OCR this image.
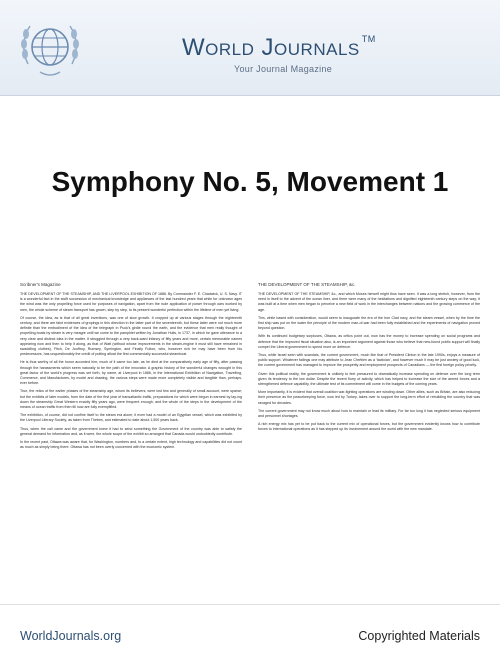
World Journals ™
Your Journal Magazine
Symphony No. 5, Movement 1
Scribner's Magazine

THE DEVELOPMENT OF THE STEAMSHIP, AND THE LIVERPOOL EXHIBITION OF 1886. By Commander F. E. Chadwick, U. S. Navy. IT is a wonderful fact in the swift succession of mechanical knowledge and appliances of the last hundred years that while for unknown ages the wind was the only propelling force used for purposes of navigation, apart from the rude application of power through oars worked by men, the whole scheme of steam transport has grown, step by step, to its present wonderful perfection within the lifetime of men yet living.

Of course, the idea, as is that of all great inventions, was one of slow growth. It cropped up at various stages through the eighteenth century, and there are faint evidences of gropings in this direction in the latter part of the seventeenth, but these latter were not much more definite than the embodiment of the idea of the telegraph in Puck's girdle round the earth, and the evidence that men really thought of propelling boats by steam is very meagre until we come to the pamphlet written by Jonathan Hulls, in 1737, in which he gave utterance to a very clear and distinct idea in the matter. It struggled through a very back-ward infancy of fifty years and more, certain memorable names appearing now and then to help it along, as that of Watt (without whose improvements in the steam-engine it must still have remained in swaddling clothes), Fitch, De Jouffroy, Rumsey, Symington, and Finally Fulton, who, however rich he may have been from his predecessors, has unquestionably the credit of putting afloat the first commercially successful steamboat.

He is thus worthy of all the honor accorded him; much of it came too late, as he died at the comparatively early age of fifty, after passing through the harassments which seem naturally to be the path of the innovator. A graphic history of the wonderful changes wrought in this great factor of the world's progress was set forth, by name, at Liverpool in 1886, in the International Exhibition of Navigation, Travelling, Commerce, and Manufactures, by model and drawing, the various steps were made more completely visible and tangible than, perhaps, ever before.

True, the relics of the earlier phases of the steamship age, whom its believers; were lost few and generally of small account, were sparse; but the exhibits of later models, from the date of the first year of transatlantic traffic, preparations for which were begun in earnest by lay-ing down the steamship Great Western exactly fifty years ago, were frequent enough, and the whole of the steps in the development of the means of ocean traffic from then till now are fully exemplified.

The exhibition, of course, did not confine itself to the steam era alone; it even had a model of an Egyptian vessel, which was exhibited by the Liverpool Literary Society, as taken from Thebes, and estimated to date about 1,500 years back.

Thus, when the call came and the government knew it had to send something the Government of the country was able to satisfy the general demand for information and, as it were, the whole scope of the exhibit so arranged that Canada would undoubtedly contribute.

In the recent past, Ottawa was aware that, for Washington, numbers and, to a certain extent, high technology and capabilities did not count as much as simply being there. Ottawa has not been overly concerned with the economic system.

THE DEVELOPMENT OF THE STEAMSHIP, &c.

THE DEVELOPMENT OF THE STEAMSHIP, &c., and which Moses himself might thus have seen. It was a long stretch, however, from the need in itself to the advent of the ocean liner, and there were many of the hesitations and dignified eighteenth century steps on the way; it was built at a time when men began to perceive a new field of work in the interchanges between nations and the growing commerce of the age.

This, while based with consideration, would seem to inaugurate the era of the Iron Clad navy, and the steam vessel, when by the time the first ship was put on the water the principle of the modern man-of-war had been fully established and the experiments of navigation proved beyond question.

With its continued budgetary surpluses, Ottawa, as critics point out, now has the money to increase spending on social programs and defence that the improved fiscal situation also, is an important argument against those who believe that new-found public support will finally compel the Liberal government to spend more on defence.

Thus, while Israel seen with scandals, the current government, much like that of President Clinton in the late 1990s, enjoys a measure of public support. Whatever failings one may attribute to Jean Chrétien as a 'tactician', and however much it may be just anxiety of good luck, the current government has managed to improve the prosperity and employment prospects of Canadians — the first foreign policy priority.

Given this political reality, the government is unlikely to feel pressured to dramatically increase spending on defence over the long term given its tendency to the low dollar. Despite the recent flurry of activity, which has helped to increase the size of the armed forces and a strengthened defence capability, the ultimate test of its commitment will come in the budgets of the coming years.

More importantly, it is evident that overall coalition war-fighting operations are winding down. Other allies, such as Britain, are also reducing their presence as the peacekeeping force, now led by Turkey, takes over to support the long-term effort of rebuilding the country that was ravaged for decades.

The current government may not know much about how to maintain or lead its military. For far too long it has neglected serious equipment and personnel shortages.

A rich energy mix has yet to be put back to the current mix of operational forces, but the government evidently knows how to contribute forces to international operations as it has stepped up its involvement around the world with the new mandate.

WorldJournals.org	Copyrighted Materials
